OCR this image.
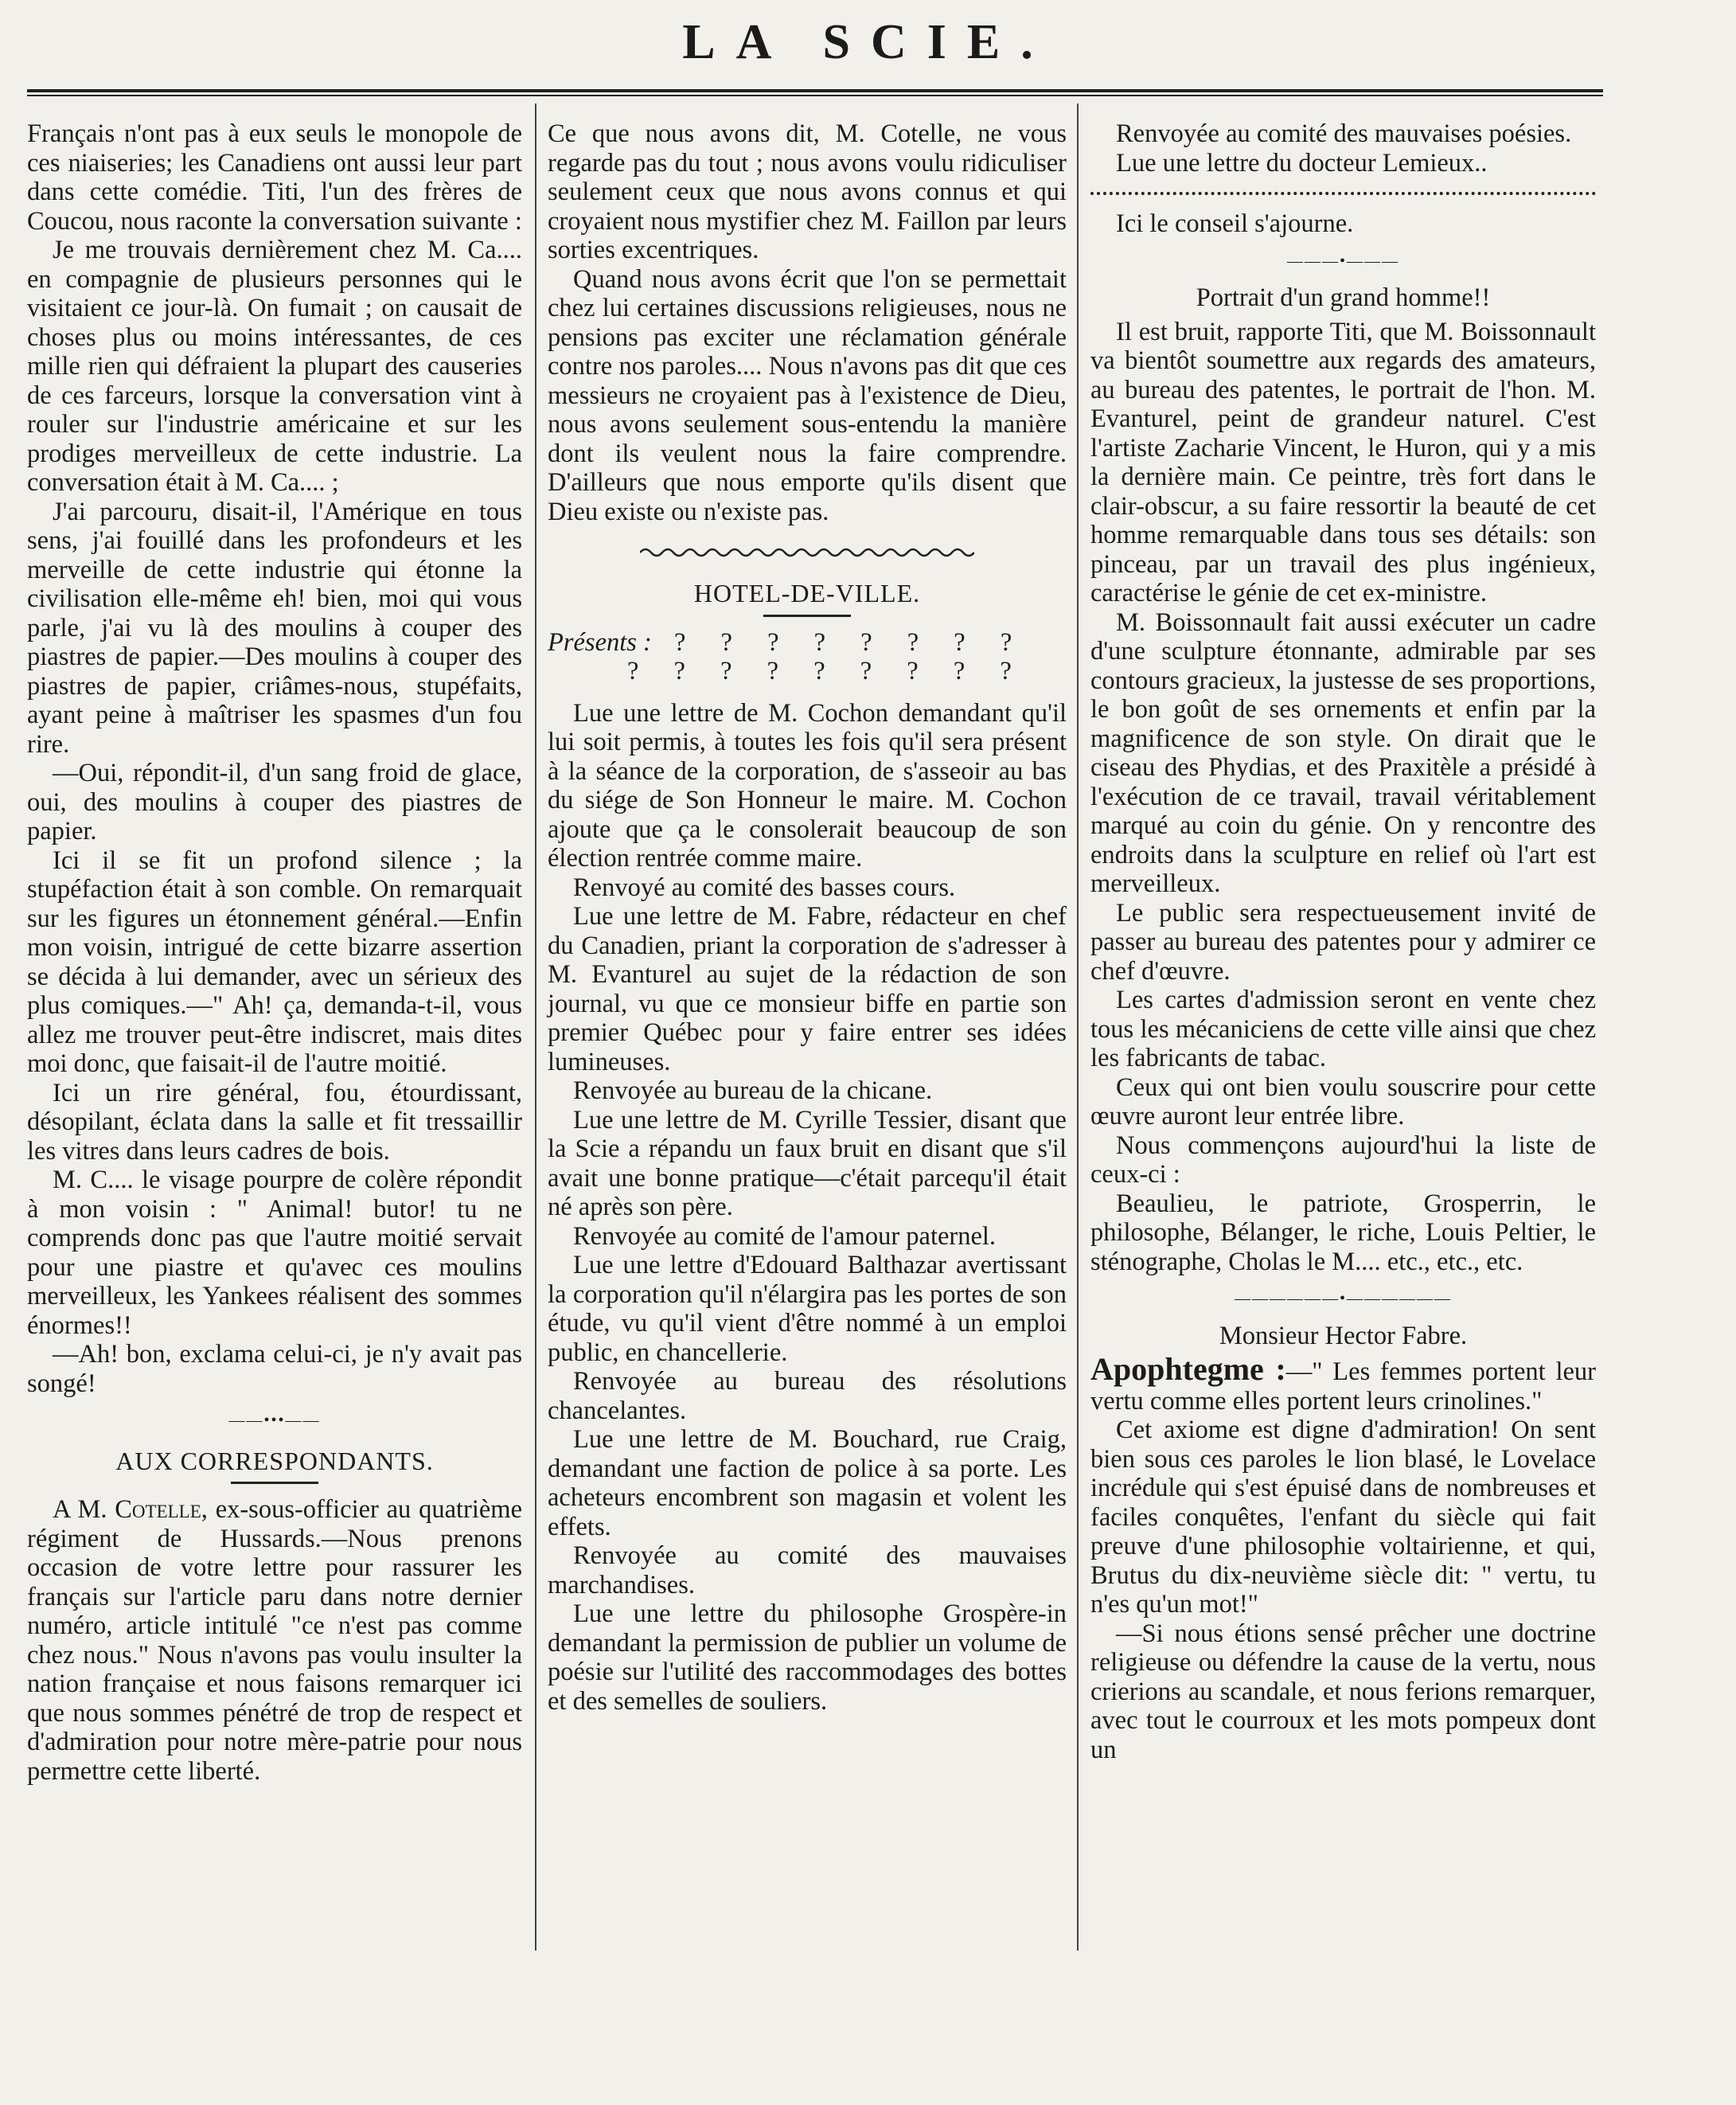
LA SCIE.

Français n'ont pas à eux seuls le monopole de ces niaiseries; les Canadiens ont aussi leur part dans cette comédie. Titi, l'un des frères de Coucou, nous raconte la conversation suivante :

Je me trouvais dernièrement chez M. Ca.... en compagnie de plusieurs personnes qui le visitaient ce jour-là. On fumait ; on causait de choses plus ou moins intéressantes, de ces mille rien qui défraient la plupart des causeries de ces farceurs, lorsque la conversation vint à rouler sur l'industrie américaine et sur les prodiges merveilleux de cette industrie. La conversation était à M. Ca.... ;

J'ai parcouru, disait-il, l'Amérique en tous sens, j'ai fouillé dans les profondeurs et les merveille de cette industrie qui étonne la civilisation elle-même eh! bien, moi qui vous parle, j'ai vu là des moulins à couper des piastres de papier.—Des moulins à couper des piastres de papier, criâmes-nous, stupéfaits, ayant peine à maîtriser les spasmes d'un fou rire.

—Oui, répondit-il, d'un sang froid de glace, oui, des moulins à couper des piastres de papier.

Ici il se fit un profond silence ; la stupéfaction était à son comble. On remarquait sur les figures un étonnement général.—Enfin mon voisin, intrigué de cette bizarre assertion se décida à lui demander, avec un sérieux des plus comiques.—" Ah! ça, demanda-t-il, vous allez me trouver peut-être indiscret, mais dites moi donc, que faisait-il de l'autre moitié.

Ici un rire général, fou, étourdissant, désopilant, éclata dans la salle et fit tressaillir les vitres dans leurs cadres de bois.

M. C.... le visage pourpre de colère répondit à mon voisin : " Animal! butor! tu ne comprends donc pas que l'autre moitié servait pour une piastre et qu'avec ces moulins merveilleux, les Yankees réalisent des sommes énormes!!

—Ah! bon, exclama celui-ci, je n'y avait pas songé!

——•••——
AUX CORRESPONDANTS.

A M. Cotelle, ex-sous-officier au quatrième régiment de Hussards.—Nous prenons occasion de votre lettre pour rassurer les français sur l'article paru dans notre dernier numéro, article intitulé "ce n'est pas comme chez nous." Nous n'avons pas voulu insulter la nation française et nous faisons remarquer ici que nous sommes pénétré de trop de respect et d'admiration pour notre mère-patrie pour nous permettre cette liberté.

Ce que nous avons dit, M. Cotelle, ne vous regarde pas du tout ; nous avons voulu ridiculiser seulement ceux que nous avons connus et qui croyaient nous mystifier chez M. Faillon par leurs sorties excentriques.

Quand nous avons écrit que l'on se permettait chez lui certaines discussions religieuses, nous ne pensions pas exciter une réclamation générale contre nos paroles.... Nous n'avons pas dit que ces messieurs ne croyaient pas à l'existence de Dieu, nous avons seulement sous-entendu la manière dont ils veulent nous la faire comprendre. D'ailleurs que nous emporte qu'ils disent que Dieu existe ou n'existe pas.

HOTEL-DE-VILLE.

Présents : ? ? ? ? ? ? ? ?

? ? ? ? ? ? ? ? ?

Lue une lettre de M. Cochon demandant qu'il lui soit permis, à toutes les fois qu'il sera présent à la séance de la corporation, de s'asseoir au bas du siége de Son Honneur le maire. M. Cochon ajoute que ça le consolerait beaucoup de son élection rentrée comme maire.

Renvoyé au comité des basses cours.

Lue une lettre de M. Fabre, rédacteur en chef du Canadien, priant la corporation de s'adresser à M. Evanturel au sujet de la rédaction de son journal, vu que ce monsieur biffe en partie son premier Québec pour y faire entrer ses idées lumineuses.

Renvoyée au bureau de la chicane.

Lue une lettre de M. Cyrille Tessier, disant que la Scie a répandu un faux bruit en disant que s'il avait une bonne pratique—c'était parcequ'il était né après son père.

Renvoyée au comité de l'amour paternel.

Lue une lettre d'Edouard Balthazar avertissant la corporation qu'il n'élargira pas les portes de son étude, vu qu'il vient d'être nommé à un emploi public, en chancellerie.

Renvoyée au bureau des résolutions chancelantes.

Lue une lettre de M. Bouchard, rue Craig, demandant une faction de police à sa porte. Les acheteurs encombrent son magasin et volent les effets.

Renvoyée au comité des mauvaises marchandises.

Lue une lettre du philosophe Grospère-in demandant la permission de publier un volume de poésie sur l'utilité des raccommodages des bottes et des semelles de souliers.

Renvoyée au comité des mauvaises poésies.

Lue une lettre du docteur Lemieux..

Ici le conseil s'ajourne.

———•———
Portrait d'un grand homme!!

Il est bruit, rapporte Titi, que M. Boissonnault va bientôt soumettre aux regards des amateurs, au bureau des patentes, le portrait de l'hon. M. Evanturel, peint de grandeur naturel. C'est l'artiste Zacharie Vincent, le Huron, qui y a mis la dernière main. Ce peintre, très fort dans le clair-obscur, a su faire ressortir la beauté de cet homme remarquable dans tous ses détails: son pinceau, par un travail des plus ingénieux, caractérise le génie de cet ex-ministre.

M. Boissonnault fait aussi exécuter un cadre d'une sculpture étonnante, admirable par ses contours gracieux, la justesse de ses proportions, le bon goût de ses ornements et enfin par la magnificence de son style. On dirait que le ciseau des Phydias, et des Praxitèle a présidé à l'exécution de ce travail, travail véritablement marqué au coin du génie. On y rencontre des endroits dans la sculpture en relief où l'art est merveilleux.

Le public sera respectueusement invité de passer au bureau des patentes pour y admirer ce chef d'œuvre.

Les cartes d'admission seront en vente chez tous les mécaniciens de cette ville ainsi que chez les fabricants de tabac.

Ceux qui ont bien voulu souscrire pour cette œuvre auront leur entrée libre.

Nous commençons aujourd'hui la liste de ceux-ci :

Beaulieu, le patriote, Grosperrin, le philosophe, Bélanger, le riche, Louis Peltier, le sténographe, Cholas le M.... etc., etc., etc.

——————•——————
Monsieur Hector Fabre.

Apophtegme :—" Les femmes portent leur vertu comme elles portent leurs crinolines."

Cet axiome est digne d'admiration! On sent bien sous ces paroles le lion blasé, le Lovelace incrédule qui s'est épuisé dans de nombreuses et faciles conquêtes, l'enfant du siècle qui fait preuve d'une philosophie voltairienne, et qui, Brutus du dix-neuvième siècle dit: " vertu, tu n'es qu'un mot!"

—Si nous étions sensé prêcher une doctrine religieuse ou défendre la cause de la vertu, nous crierions au scandale, et nous ferions remarquer, avec tout le courroux et les mots pompeux dont un
